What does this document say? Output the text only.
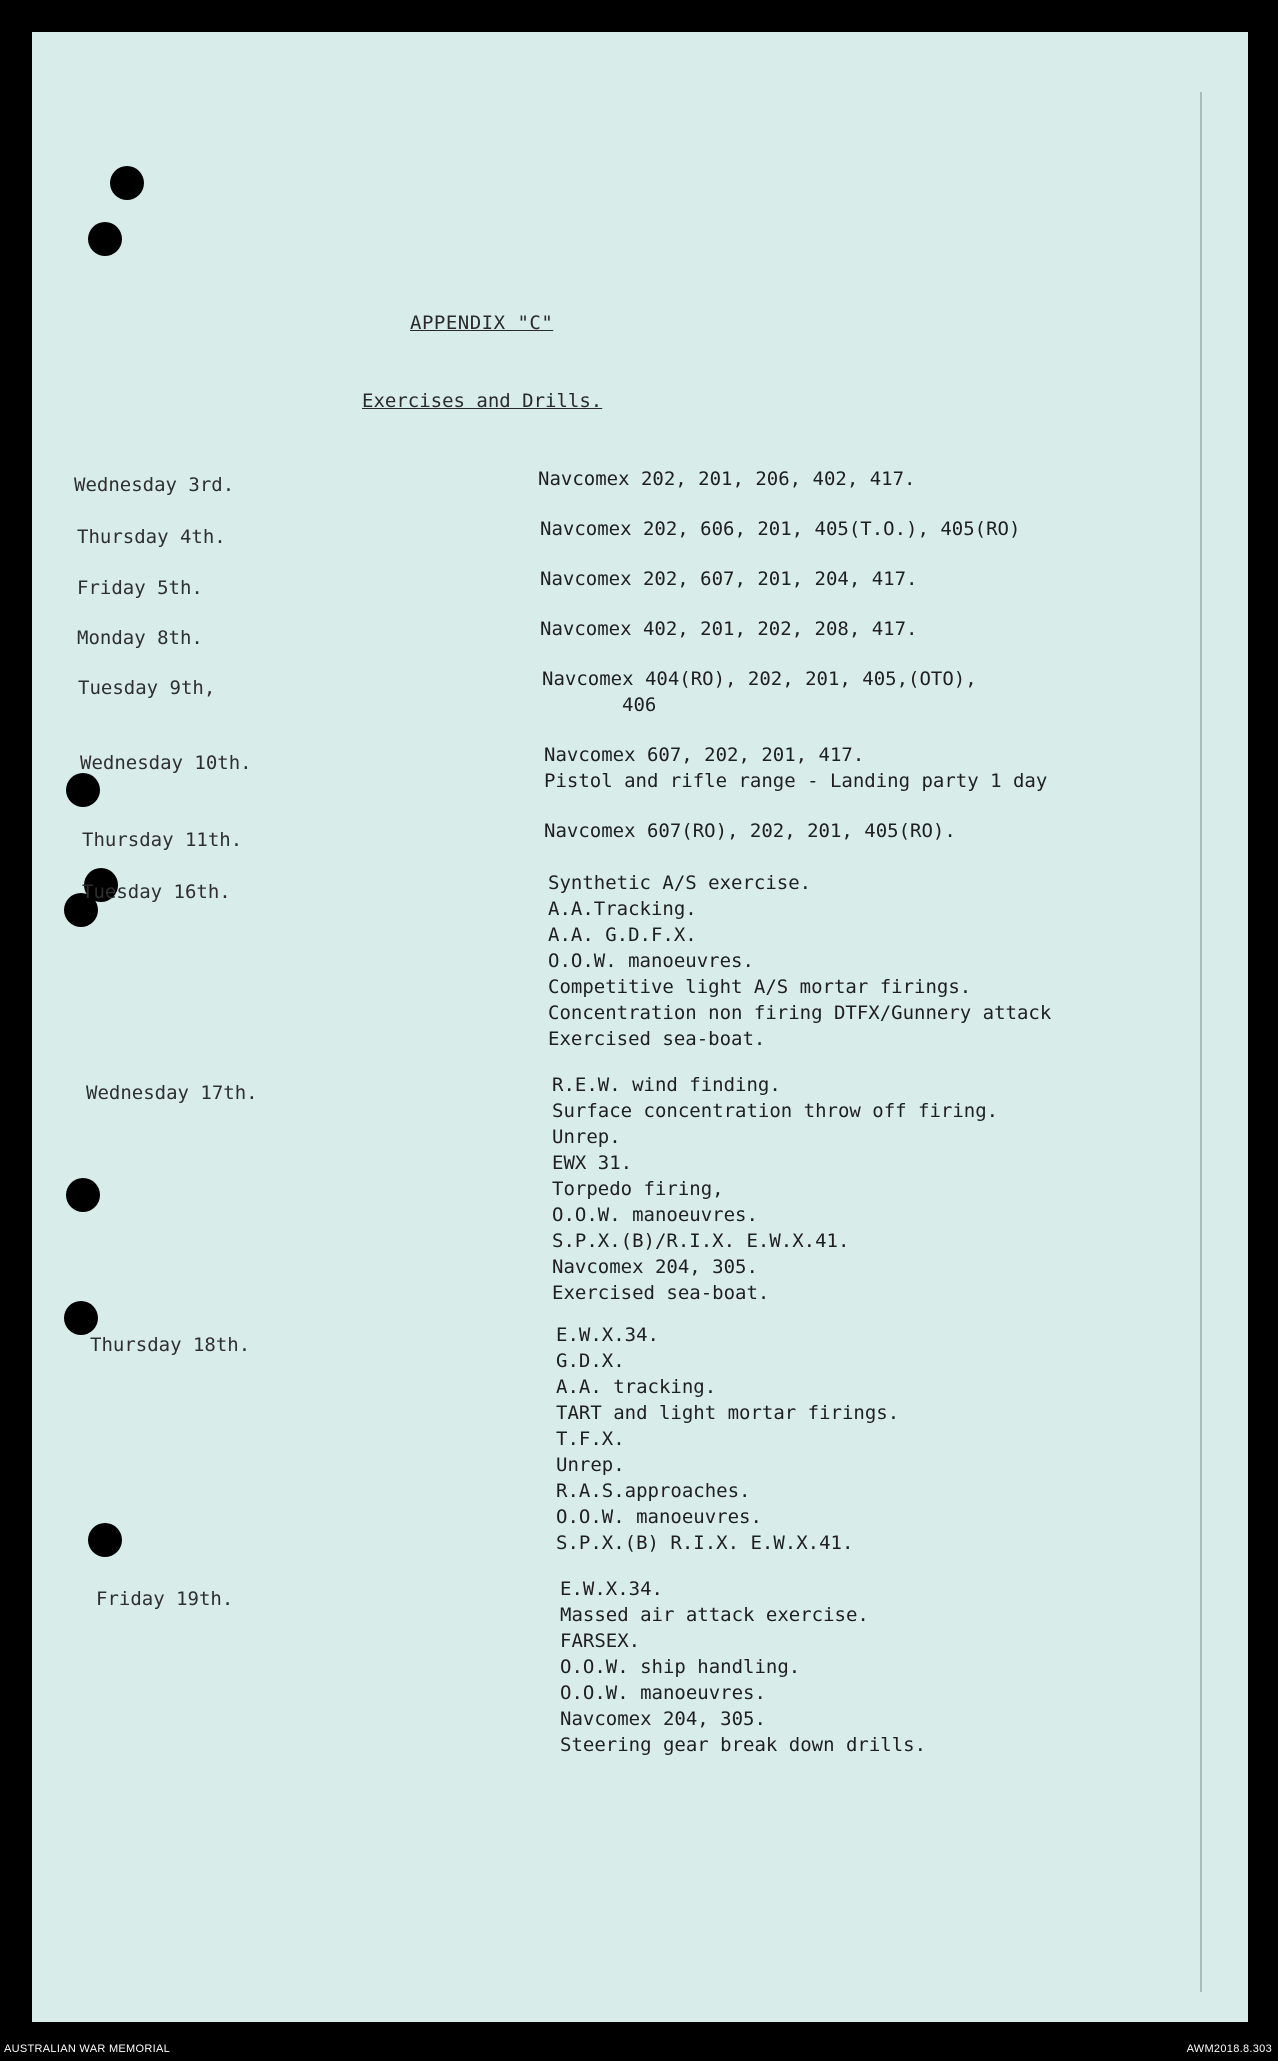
APPENDIX "C"
Exercises and Drills.
Wednesday 3rd.
Thursday 4th.
Friday 5th.
Monday 8th.
Tuesday 9th,
Wednesday 10th.
Thursday 11th.
Tuesday 16th.
Wednesday 17th.
Thursday 18th.
Friday 19th.
Navcomex 202, 201, 206, 402, 417.
Navcomex 202, 606, 201, 405(T.O.), 405(RO)
Navcomex 202, 607, 201, 204, 417.
Navcomex 402, 201, 202, 208, 417.
Navcomex 404(RO), 202, 201, 405,(OTO),
406
Navcomex 607, 202, 201, 417.
Pistol and rifle range - Landing party 1 day
Navcomex 607(RO), 202, 201, 405(RO).
Synthetic A/S exercise.
A.A.Tracking.
A.A. G.D.F.X.
O.O.W. manoeuvres.
Competitive light A/S mortar firings.
Concentration non firing DTFX/Gunnery attack
Exercised sea-boat.
R.E.W. wind finding.
Surface concentration throw off firing.
Unrep.
EWX 31.
Torpedo firing,
O.O.W. manoeuvres.
S.P.X.(B)/R.I.X. E.W.X.41.
Navcomex 204, 305.
Exercised sea-boat.
E.W.X.34.
G.D.X.
A.A. tracking.
TART and light mortar firings.
T.F.X.
Unrep.
R.A.S.approaches.
O.O.W. manoeuvres.
S.P.X.(B) R.I.X. E.W.X.41.
E.W.X.34.
Massed air attack exercise.
FARSEX.
O.O.W. ship handling.
O.O.W. manoeuvres.
Navcomex 204, 305.
Steering gear break down drills.
AUSTRALIAN WAR MEMORIAL	AWM2018.8.303
